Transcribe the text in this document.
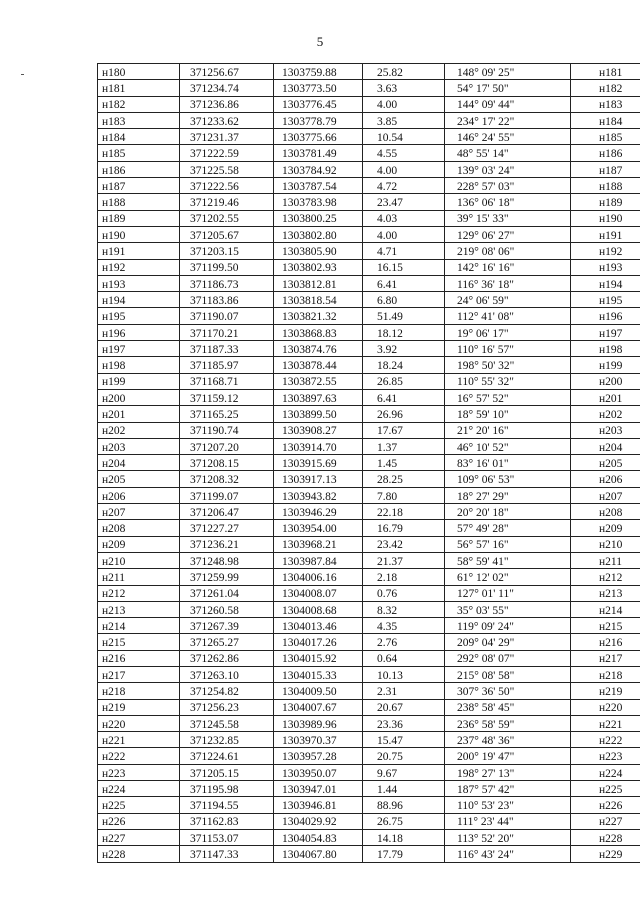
5
н180	371256.67	1303759.88	25.82	148° 09' 25"	н181
н181	371234.74	1303773.50	3.63	54° 17' 50"	н182
н182	371236.86	1303776.45	4.00	144° 09' 44"	н183
н183	371233.62	1303778.79	3.85	234° 17' 22"	н184
н184	371231.37	1303775.66	10.54	146° 24' 55"	н185
н185	371222.59	1303781.49	4.55	48° 55' 14"	н186
н186	371225.58	1303784.92	4.00	139° 03' 24"	н187
н187	371222.56	1303787.54	4.72	228° 57' 03"	н188
н188	371219.46	1303783.98	23.47	136° 06' 18"	н189
н189	371202.55	1303800.25	4.03	39° 15' 33"	н190
н190	371205.67	1303802.80	4.00	129° 06' 27"	н191
н191	371203.15	1303805.90	4.71	219° 08' 06"	н192
н192	371199.50	1303802.93	16.15	142° 16' 16"	н193
н193	371186.73	1303812.81	6.41	116° 36' 18"	н194
н194	371183.86	1303818.54	6.80	24° 06' 59"	н195
н195	371190.07	1303821.32	51.49	112° 41' 08"	н196
н196	371170.21	1303868.83	18.12	19° 06' 17"	н197
н197	371187.33	1303874.76	3.92	110° 16' 57"	н198
н198	371185.97	1303878.44	18.24	198° 50' 32"	н199
н199	371168.71	1303872.55	26.85	110° 55' 32"	н200
н200	371159.12	1303897.63	6.41	16° 57' 52"	н201
н201	371165.25	1303899.50	26.96	18° 59' 10"	н202
н202	371190.74	1303908.27	17.67	21° 20' 16"	н203
н203	371207.20	1303914.70	1.37	46° 10' 52"	н204
н204	371208.15	1303915.69	1.45	83° 16' 01"	н205
н205	371208.32	1303917.13	28.25	109° 06' 53"	н206
н206	371199.07	1303943.82	7.80	18° 27' 29"	н207
н207	371206.47	1303946.29	22.18	20° 20' 18"	н208
н208	371227.27	1303954.00	16.79	57° 49' 28"	н209
н209	371236.21	1303968.21	23.42	56° 57' 16"	н210
н210	371248.98	1303987.84	21.37	58° 59' 41"	н211
н211	371259.99	1304006.16	2.18	61° 12' 02"	н212
н212	371261.04	1304008.07	0.76	127° 01' 11"	н213
н213	371260.58	1304008.68	8.32	35° 03' 55"	н214
н214	371267.39	1304013.46	4.35	119° 09' 24"	н215
н215	371265.27	1304017.26	2.76	209° 04' 29"	н216
н216	371262.86	1304015.92	0.64	292° 08' 07"	н217
н217	371263.10	1304015.33	10.13	215° 08' 58"	н218
н218	371254.82	1304009.50	2.31	307° 36' 50"	н219
н219	371256.23	1304007.67	20.67	238° 58' 45"	н220
н220	371245.58	1303989.96	23.36	236° 58' 59"	н221
н221	371232.85	1303970.37	15.47	237° 48' 36"	н222
н222	371224.61	1303957.28	20.75	200° 19' 47"	н223
н223	371205.15	1303950.07	9.67	198° 27' 13"	н224
н224	371195.98	1303947.01	1.44	187° 57' 42"	н225
н225	371194.55	1303946.81	88.96	110° 53' 23"	н226
н226	371162.83	1304029.92	26.75	111° 23' 44"	н227
н227	371153.07	1304054.83	14.18	113° 52' 20"	н228
н228	371147.33	1304067.80	17.79	116° 43' 24"	н229
